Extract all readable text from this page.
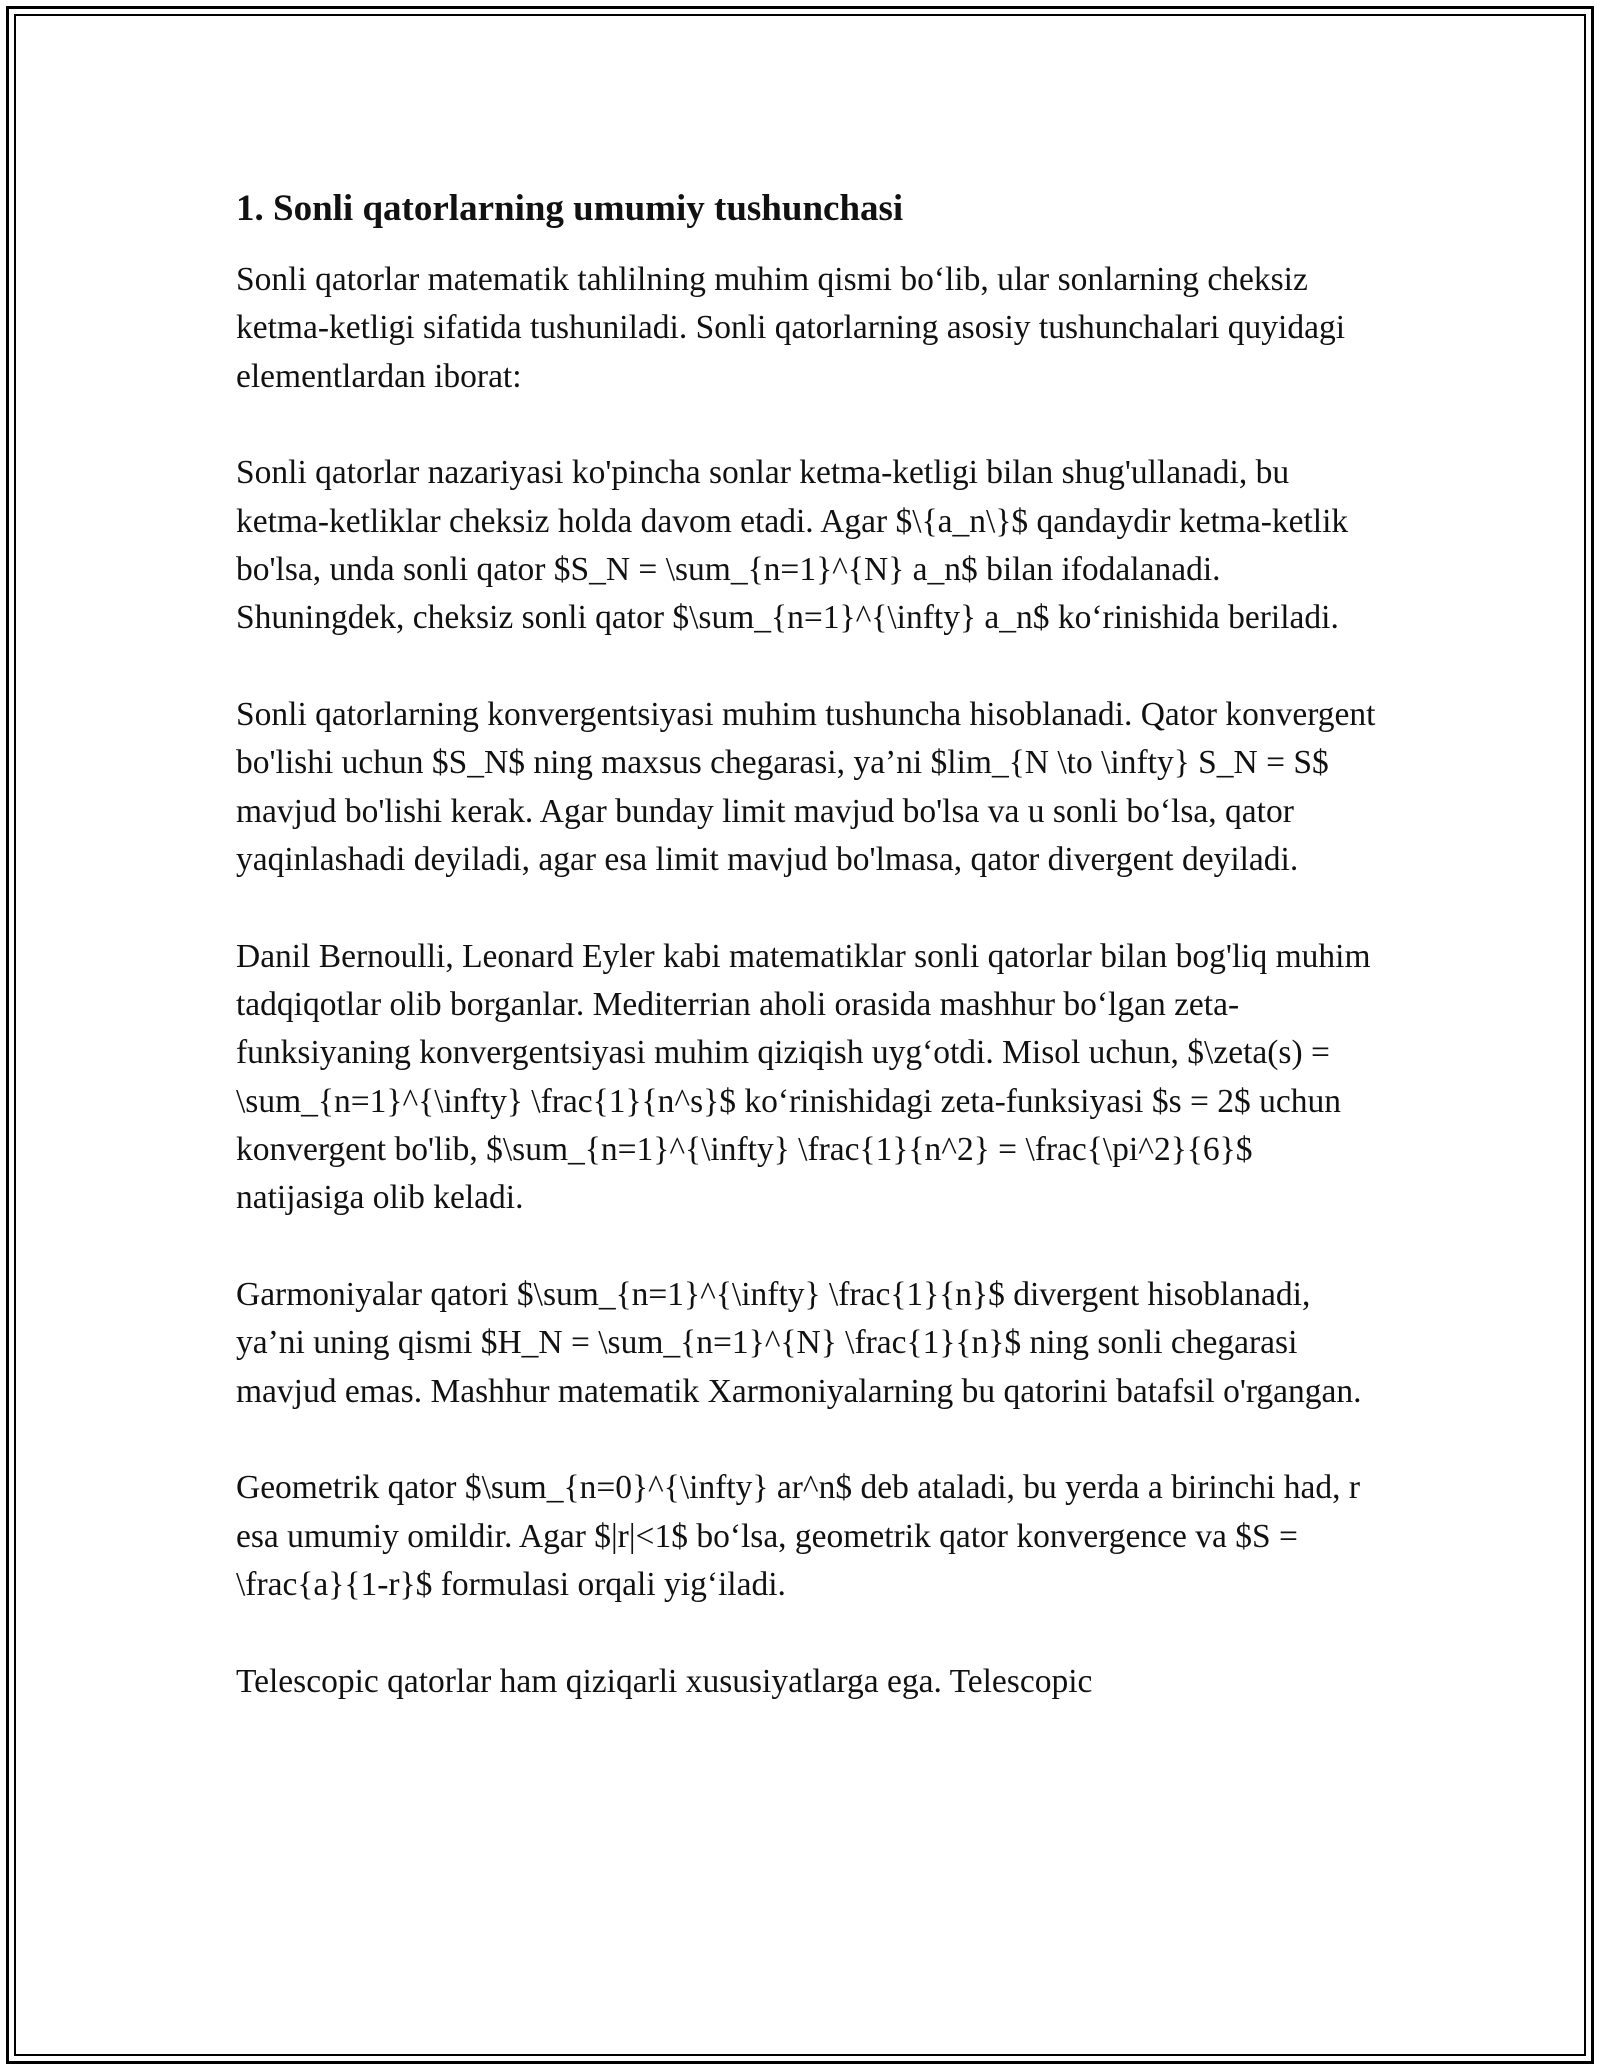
1. Sonli qatorlarning umumiy tushunchasi

Sonli qatorlar matematik tahlilning muhim qismi bo‘lib, ular sonlarning cheksiz ketma-ketligi sifatida tushuniladi. Sonli qatorlarning asosiy tushunchalari quyidagi elementlardan iborat:

Sonli qatorlar nazariyasi ko'pincha sonlar ketma-ketligi bilan shug'ullanadi, bu ketma-ketliklar cheksiz holda davom etadi. Agar $\{a_n\}$ qandaydir ketma-ketlik bo'lsa, unda sonli qator $S_N = \sum_{n=1}^{N} a_n$ bilan ifodalanadi. Shuningdek, cheksiz sonli qator $\sum_{n=1}^{\infty} a_n$ ko‘rinishida beriladi.

Sonli qatorlarning konvergentsiyasi muhim tushuncha hisoblanadi. Qator konvergent bo'lishi uchun $S_N$ ning maxsus chegarasi, ya’ni $lim_{N \to \infty} S_N = S$ mavjud bo'lishi kerak. Agar bunday limit mavjud bo'lsa va u sonli bo‘lsa, qator yaqinlashadi deyiladi, agar esa limit mavjud bo'lmasa, qator divergent deyiladi.

Danil Bernoulli, Leonard Eyler kabi matematiklar sonli qatorlar bilan bog'liq muhim tadqiqotlar olib borganlar. Mediterrian aholi orasida mashhur bo‘lgan zeta-funksiyaning konvergentsiyasi muhim qiziqish uyg‘otdi. Misol uchun, $\zeta(s) = \sum_{n=1}^{\infty} \frac{1}{n^s}$ ko‘rinishidagi zeta-funksiyasi $s = 2$ uchun konvergent bo'lib, $\sum_{n=1}^{\infty} \frac{1}{n^2} = \frac{\pi^2}{6}$ natijasiga olib keladi.

Garmoniyalar qatori $\sum_{n=1}^{\infty} \frac{1}{n}$ divergent hisoblanadi, ya’ni uning qismi $H_N = \sum_{n=1}^{N} \frac{1}{n}$ ning sonli chegarasi mavjud emas. Mashhur matematik Xarmoniyalarning bu qatorini batafsil o'rgangan.

Geometrik qator $\sum_{n=0}^{\infty} ar^n$ deb ataladi, bu yerda a birinchi had, r esa umumiy omildir. Agar $|r|<1$ bo‘lsa, geometrik qator konvergence va $S = \frac{a}{1-r}$ formulasi orqali yig‘iladi.

Telescopic qatorlar ham qiziqarli xususiyatlarga ega. Telescopic
